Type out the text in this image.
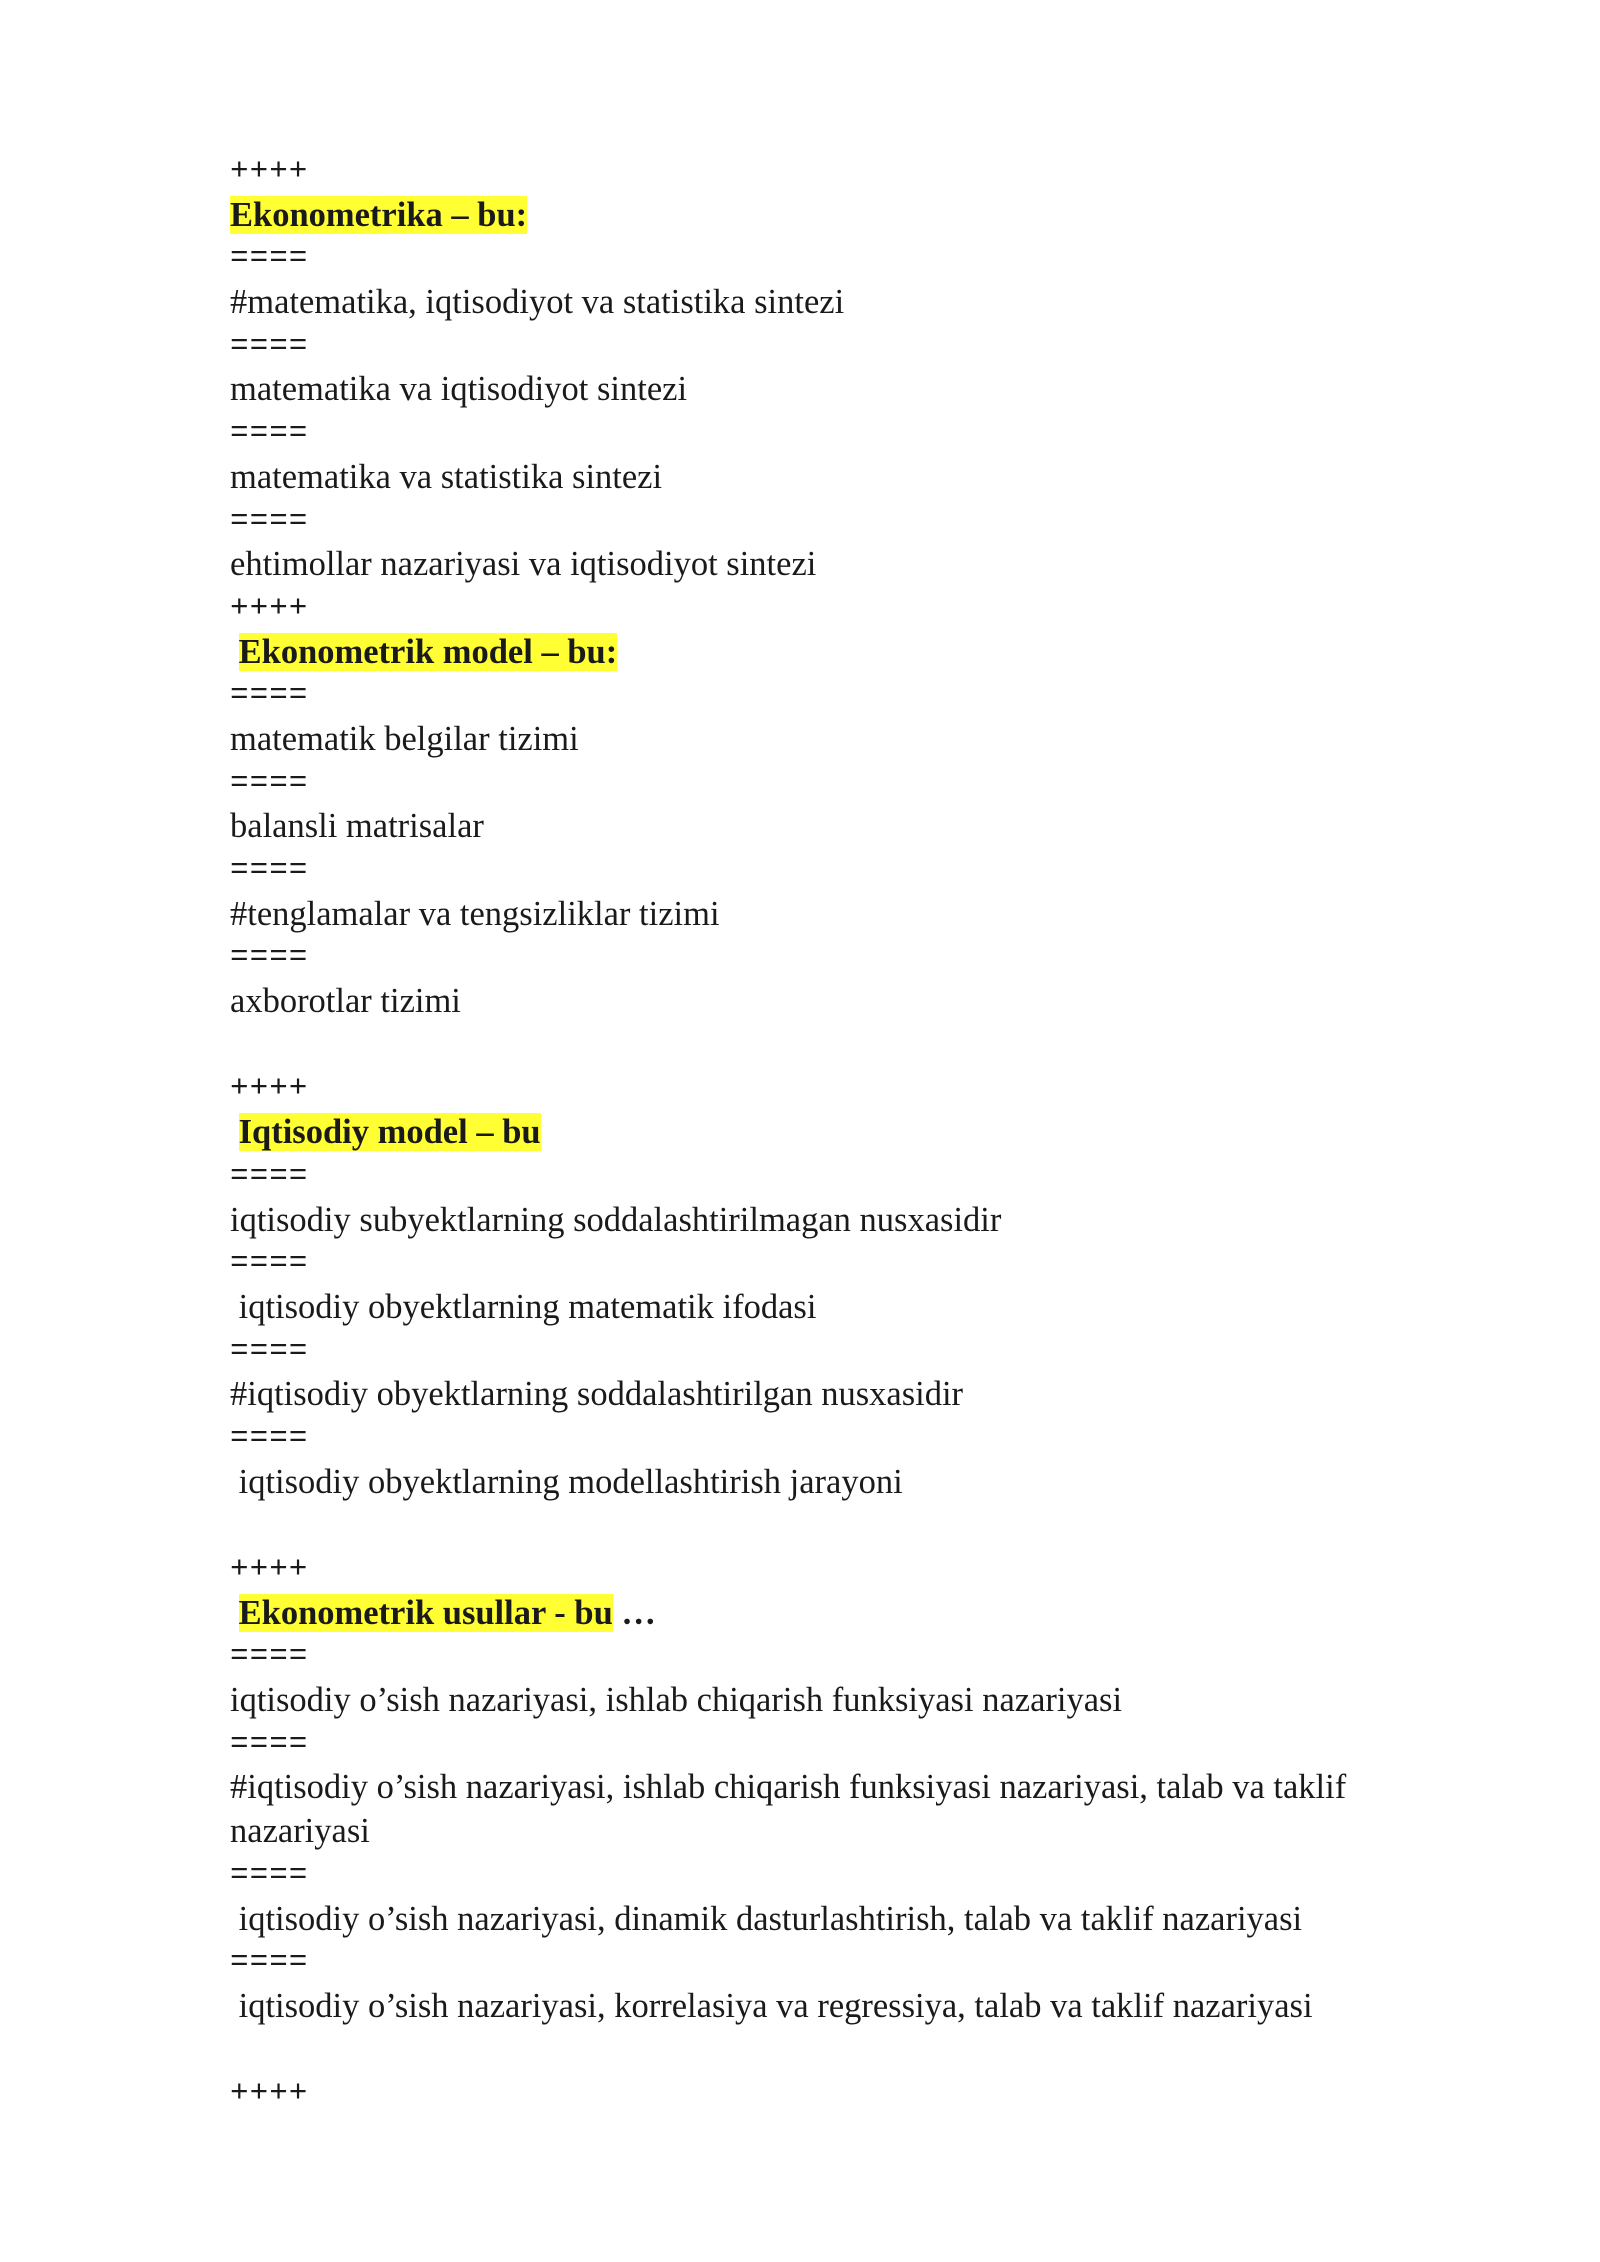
++++
Ekonometrika – bu:
====
#matematika, iqtisodiyot va statistika sintezi
====
matematika va iqtisodiyot sintezi
====
matematika va statistika sintezi
====
ehtimollar nazariyasi va iqtisodiyot sintezi
++++
Ekonometrik model – bu:
====
matematik belgilar tizimi
====
balansli matrisalar
====
#tenglamalar va tengsizliklar tizimi
====
axborotlar tizimi
++++
Iqtisodiy model – bu
====
iqtisodiy subyektlarning soddalashtirilmagan nusxasidir
====
iqtisodiy obyektlarning matematik ifodasi
====
#iqtisodiy obyektlarning soddalashtirilgan nusxasidir
====
iqtisodiy obyektlarning modellashtirish jarayoni
++++
Ekonometrik usullar - bu …
====
iqtisodiy o’sish nazariyasi, ishlab chiqarish funksiyasi nazariyasi
====
#iqtisodiy o’sish nazariyasi, ishlab chiqarish funksiyasi nazariyasi, talab va taklif nazariyasi
====
iqtisodiy o’sish nazariyasi, dinamik dasturlashtirish, talab va taklif nazariyasi
====
iqtisodiy o’sish nazariyasi, korrelasiya va regressiya, talab va taklif nazariyasi
++++
